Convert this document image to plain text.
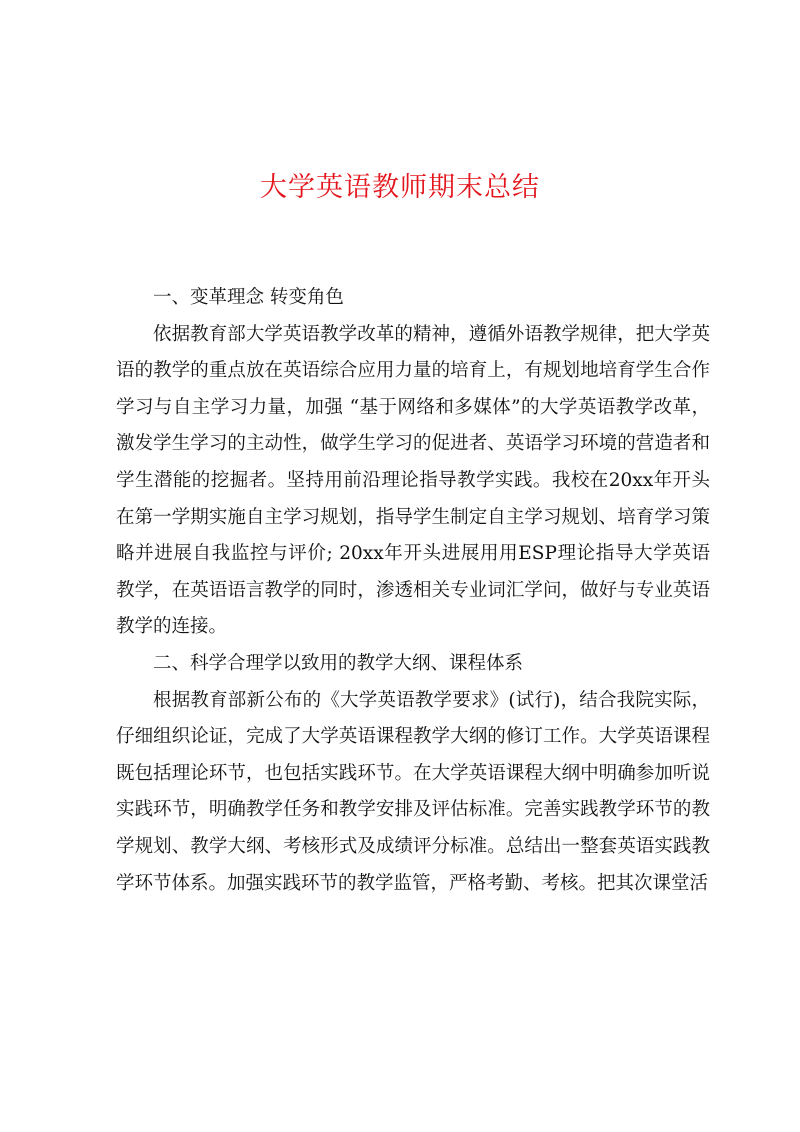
大学英语教师期末总结

一、变革理念 转变角色

依据教育部大学英语教学改革的精神，遵循外语教学规律，把大学英语的教学的重点放在英语综合应用力量的培育上，有规划地培育学生合作学习与自主学习力量，加强 “基于网络和多媒体”的大学英语教学改革，激发学生学习的主动性，做学生学习的促进者、英语学习环境的营造者和学生潜能的挖掘者。坚持用前沿理论指导教学实践。我校在20xx年开头在第一学期实施自主学习规划，指导学生制定自主学习规划、培育学习策略并进展自我监控与评价; 20xx年开头进展用用ESP理论指导大学英语教学，在英语语言教学的同时，渗透相关专业词汇学问，做好与专业英语教学的连接。

二、科学合理学以致用的教学大纲、课程体系

根据教育部新公布的《大学英语教学要求》(试行)，结合我院实际，仔细组织论证，完成了大学英语课程教学大纲的修订工作。大学英语课程既包括理论环节，也包括实践环节。在大学英语课程大纲中明确参加听说实践环节，明确教学任务和教学安排及评估标准。完善实践教学环节的教学规划、教学大纲、考核形式及成绩评分标准。总结出一整套英语实践教学环节体系。加强实践环节的教学监管，严格考勤、考核。把其次课堂活
